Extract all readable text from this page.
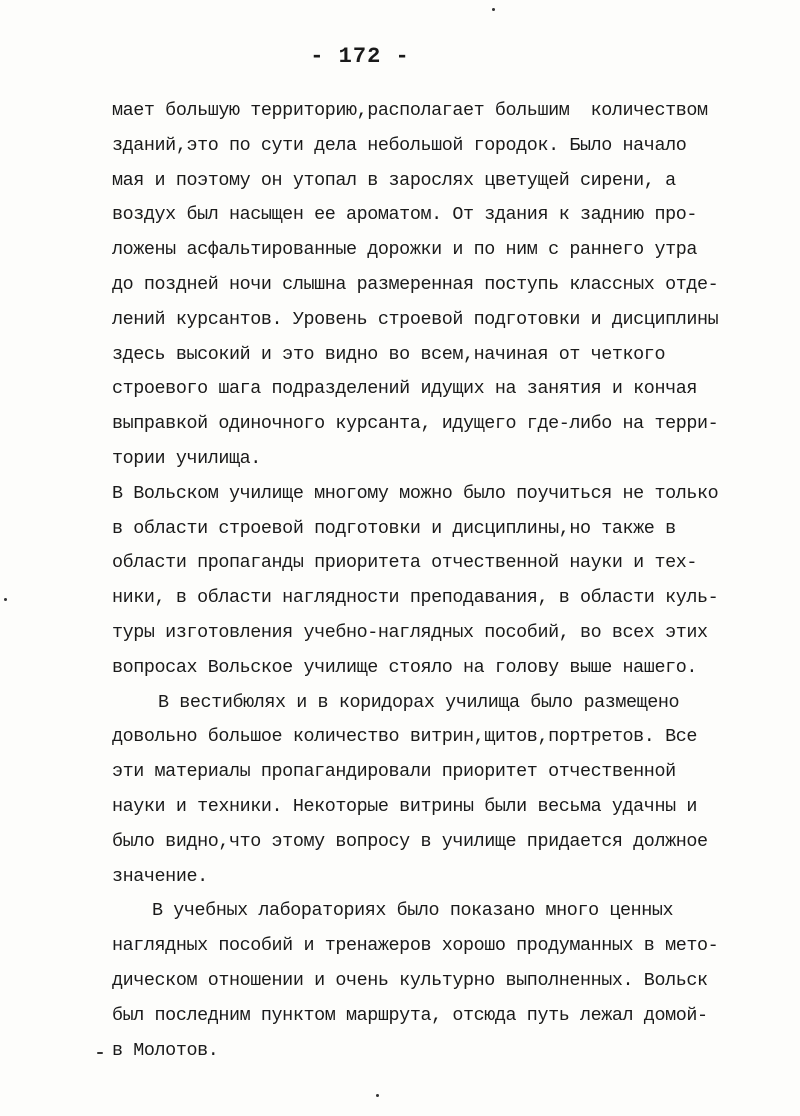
- 172 -
мает большую территорию,располагает большим  количеством
зданий,это по сути дела небольшой городок. Было начало
мая и поэтому он утопал в зарослях цветущей сирени, а
воздух был насыщен ее ароматом. От здания к заднию про-
ложены асфальтированные дорожки и по ним с раннего утра
до поздней ночи слышна размеренная поступь классных отде-
лений курсантов. Уровень строевой подготовки и дисциплины
здесь высокий и это видно во всем,начиная от четкого
строевого шага подразделений идущих на занятия и кончая
выправкой одиночного курсанта, идущего где-либо на терри-
тории училища.
В Вольском училище многому можно было поучиться не только
в области строевой подготовки и дисциплины,но также в
области пропаганды приоритета отчественной науки и тех-
ники, в области наглядности преподавания, в области куль-
туры изготовления учебно-наглядных пособий, во всех этих
вопросах Вольское училище стояло на голову выше нашего.
В вестибюлях и в коридорах училища было размещено
довольно большое количество витрин,щитов,портретов. Все
эти материалы пропагандировали приоритет отчественной
науки и техники. Некоторые витрины были весьма удачны и
было видно,что этому вопросу в училище придается должное
значение.
В учебных лабораториях было показано много ценных
наглядных пособий и тренажеров хорошо продуманных в мето-
дическом отношении и очень культурно выполненных. Вольск
был последним пунктом маршрута, отсюда путь лежал домой-
в Молотов.
